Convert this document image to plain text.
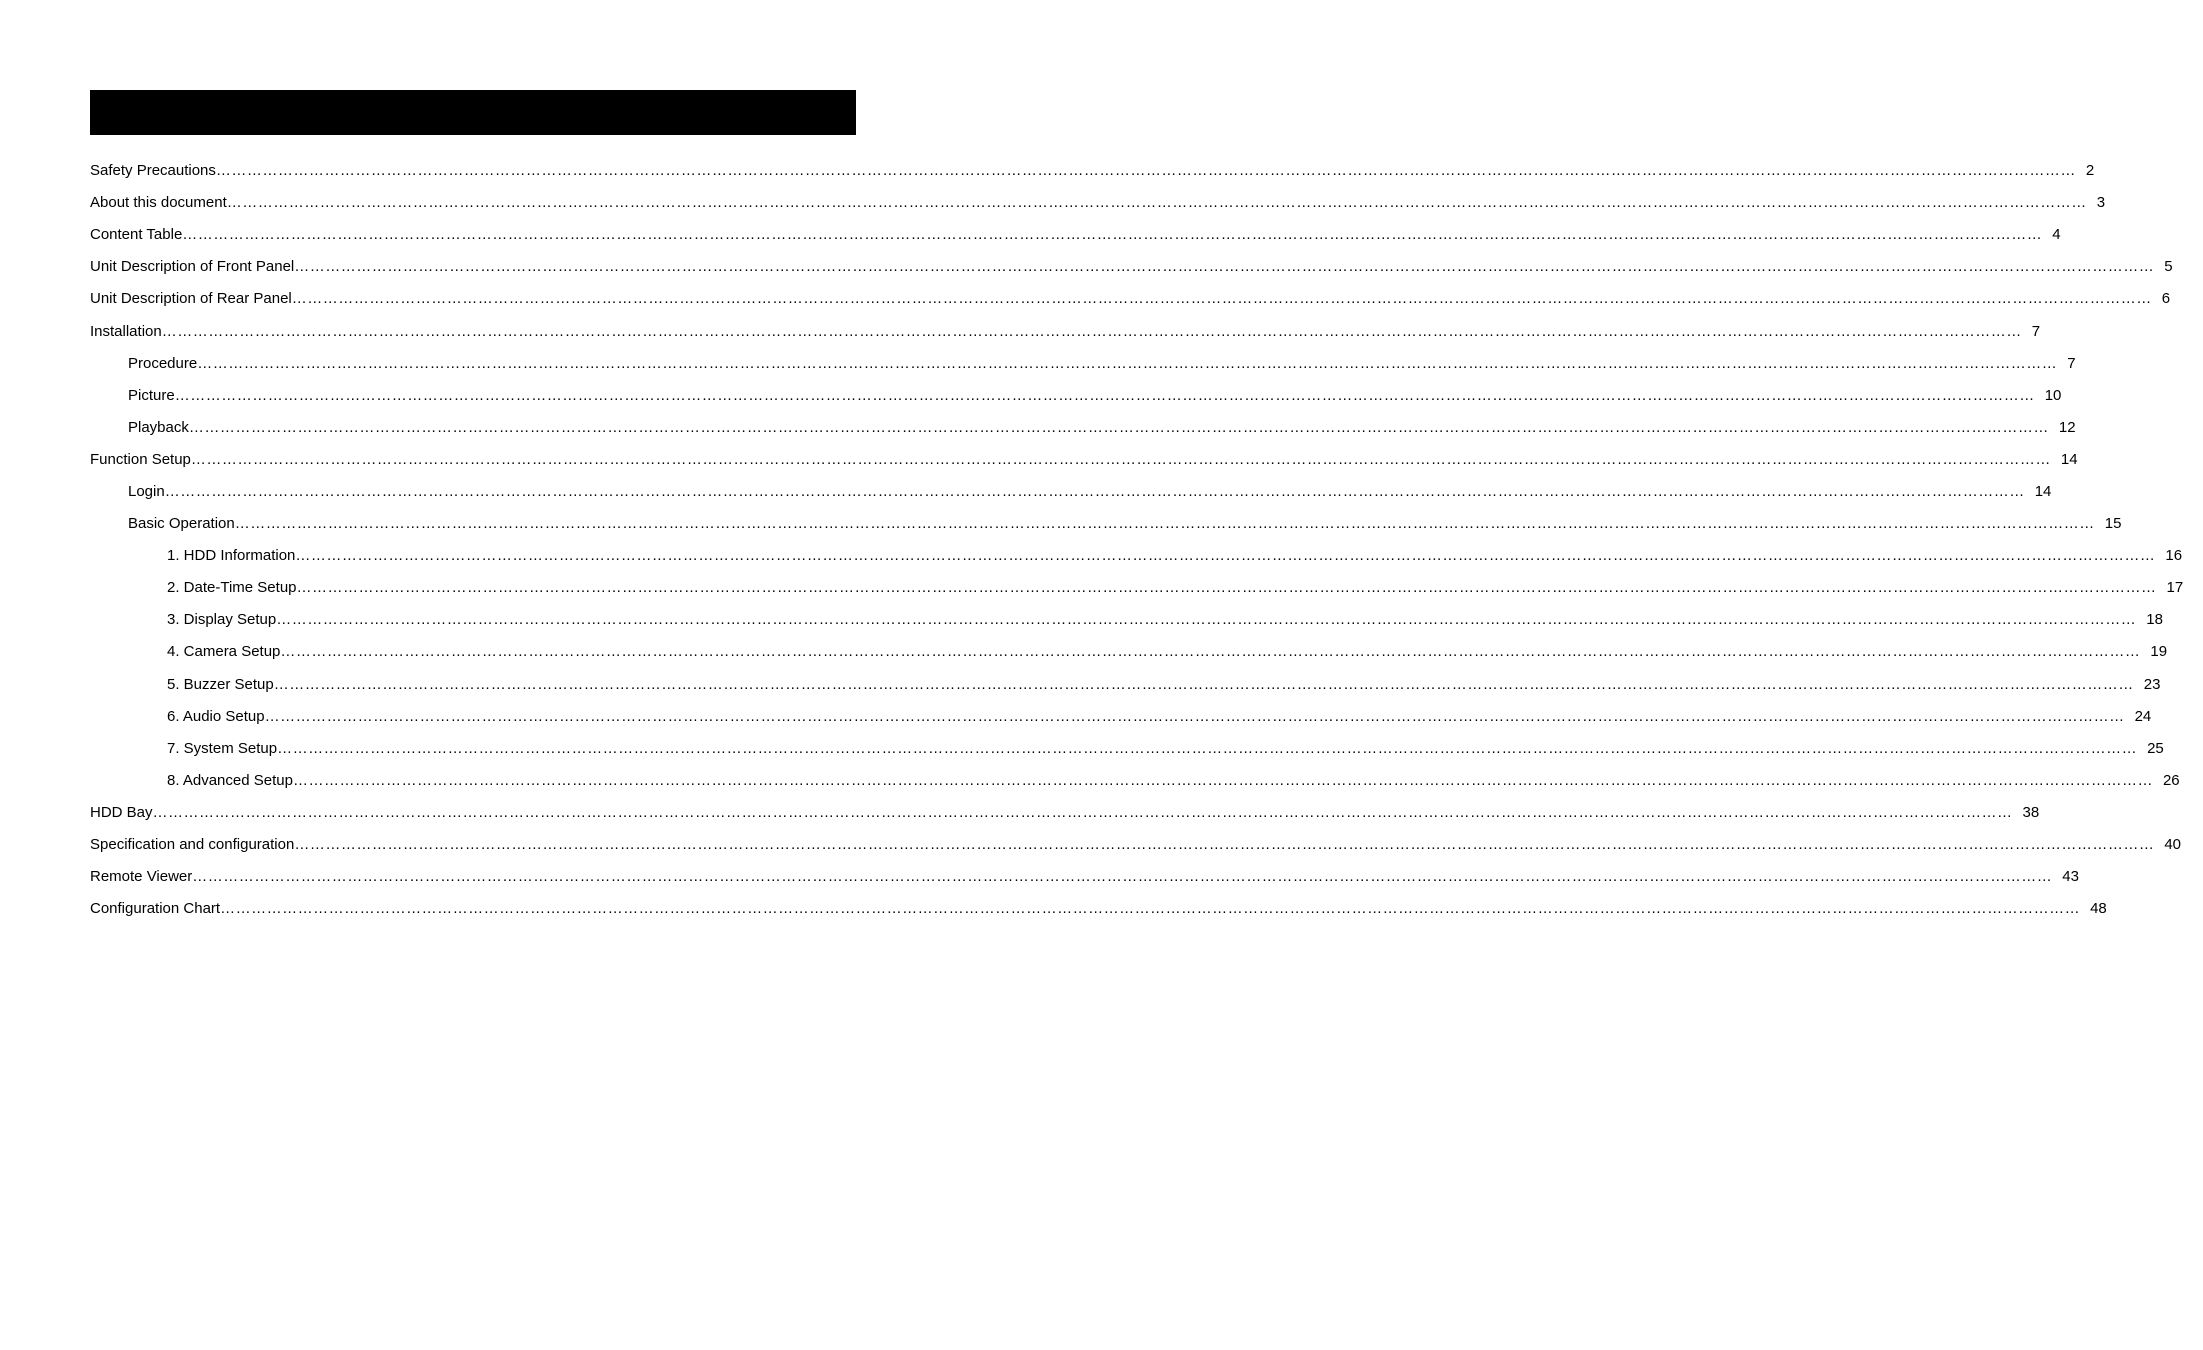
Safety Precautions ……………………………………………………………………………………………………………………………………………………………………………………………………………………………………………………………………………………………………………………………… 2
About this document ……………………………………………………………………………………………………………………………………………………………………………………………………………………………………………………………………………………………………………………………… 3
Content Table ……………………………………………………………………………………………………………………………………………………………………………………………………………………………………………………………………………………………………………………………… 4
Unit Description of Front Panel ……………………………………………………………………………………………………………………………………………………………………………………………………………………………………………………………………………………………………………………………… 5
Unit Description of Rear Panel ……………………………………………………………………………………………………………………………………………………………………………………………………………………………………………………………………………………………………………………………… 6
Installation ……………………………………………………………………………………………………………………………………………………………………………………………………………………………………………………………………………………………………………………………… 7
Procedure ……………………………………………………………………………………………………………………………………………………………………………………………………………………………………………………………………………………………………………………………… 7
Picture ……………………………………………………………………………………………………………………………………………………………………………………………………………………………………………………………………………………………………………………………… 10
Playback ……………………………………………………………………………………………………………………………………………………………………………………………………………………………………………………………………………………………………………………………… 12
Function Setup ……………………………………………………………………………………………………………………………………………………………………………………………………………………………………………………………………………………………………………………………… 14
Login ……………………………………………………………………………………………………………………………………………………………………………………………………………………………………………………………………………………………………………………………… 14
Basic Operation ……………………………………………………………………………………………………………………………………………………………………………………………………………………………………………………………………………………………………………………………… 15
1. HDD Information ……………………………………………………………………………………………………………………………………………………………………………………………………………………………………………………………………………………………………………………………… 16
2. Date-Time Setup ……………………………………………………………………………………………………………………………………………………………………………………………………………………………………………………………………………………………………………………………… 17
3. Display Setup ……………………………………………………………………………………………………………………………………………………………………………………………………………………………………………………………………………………………………………………………… 18
4. Camera Setup ……………………………………………………………………………………………………………………………………………………………………………………………………………………………………………………………………………………………………………………………… 19
5. Buzzer Setup ……………………………………………………………………………………………………………………………………………………………………………………………………………………………………………………………………………………………………………………………… 23
6. Audio Setup ……………………………………………………………………………………………………………………………………………………………………………………………………………………………………………………………………………………………………………………………… 24
7. System Setup ……………………………………………………………………………………………………………………………………………………………………………………………………………………………………………………………………………………………………………………………… 25
8. Advanced Setup ……………………………………………………………………………………………………………………………………………………………………………………………………………………………………………………………………………………………………………………………… 26
HDD Bay ……………………………………………………………………………………………………………………………………………………………………………………………………………………………………………………………………………………………………………………………… 38
Specification and configuration ……………………………………………………………………………………………………………………………………………………………………………………………………………………………………………………………………………………………………………………………… 40
Remote Viewer ……………………………………………………………………………………………………………………………………………………………………………………………………………………………………………………………………………………………………………………………… 43
Configuration Chart ……………………………………………………………………………………………………………………………………………………………………………………………………………………………………………………………………………………………………………………………… 48
